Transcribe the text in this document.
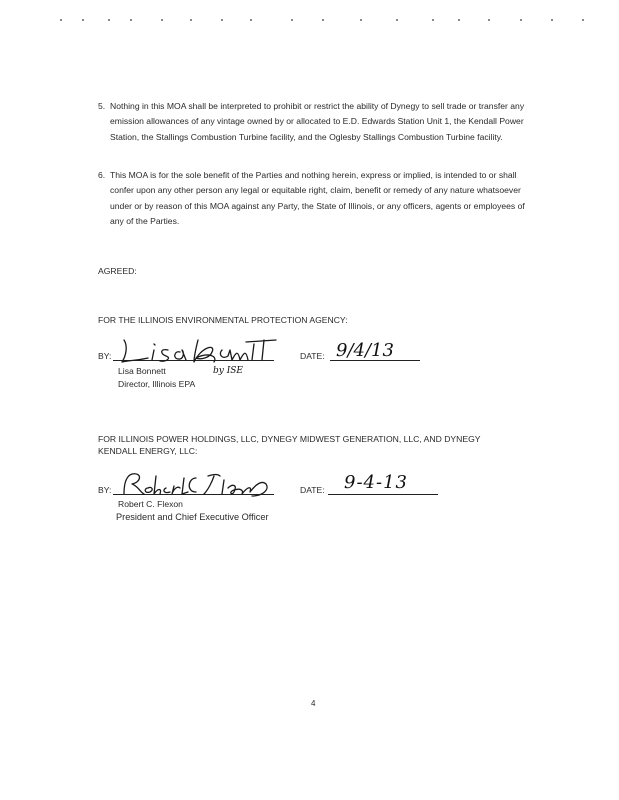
5. Nothing in this MOA shall be interpreted to prohibit or restrict the ability of Dynegy to sell trade or transfer any emission allowances of any vintage owned by or allocated to E.D. Edwards Station Unit 1, the Kendall Power Station, the Stallings Combustion Turbine facility, and the Oglesby Stallings Combustion Turbine facility.
6. This MOA is for the sole benefit of the Parties and nothing herein, express or implied, is intended to or shall confer upon any other person any legal or equitable right, claim, benefit or remedy of any nature whatsoever under or by reason of this MOA against any Party, the State of Illinois, or any officers, agents or employees of any of the Parties.
AGREED:
FOR THE ILLINOIS ENVIRONMENTAL PROTECTION AGENCY:
BY:
by ISE
DATE: 9/4/13
Lisa Bonnett
Director, Illinois EPA
FOR ILLINOIS POWER HOLDINGS, LLC, DYNEGY MIDWEST GENERATION, LLC, AND DYNEGY
KENDALL ENERGY, LLC:
BY:	DATE: 9-4-13
Robert C. Flexon
President and Chief Executive Officer
4
